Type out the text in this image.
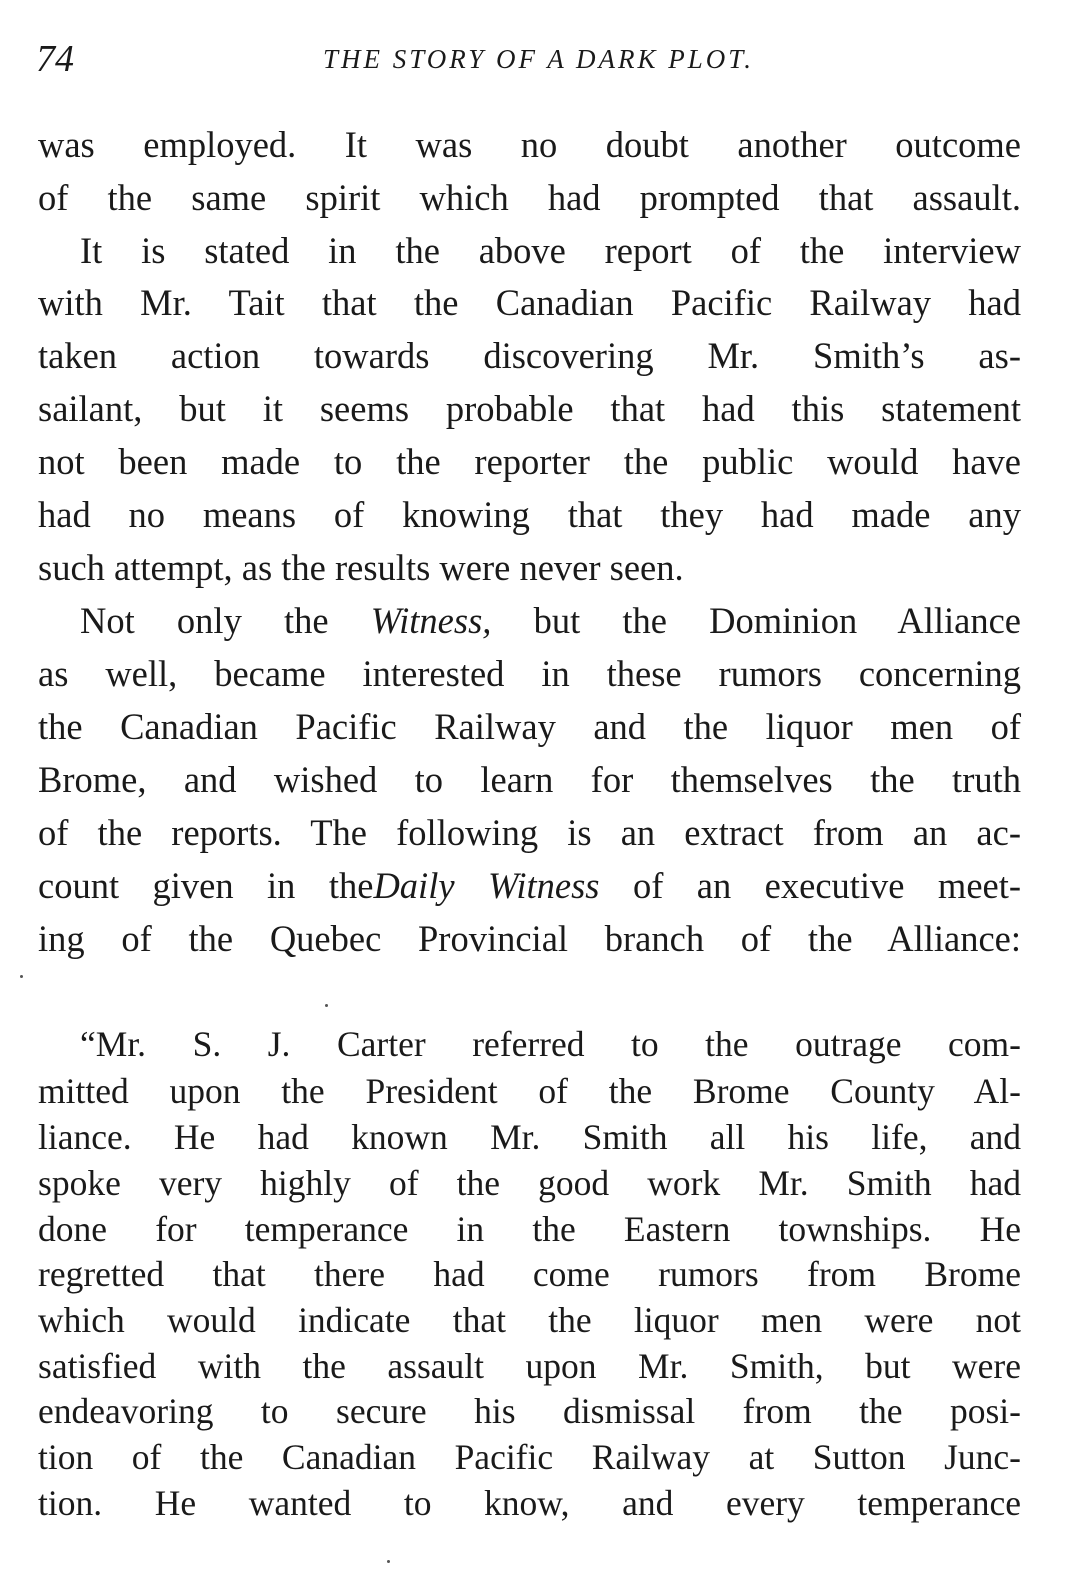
74	THE STORY OF A DARK PLOT.
was employed. It was no doubt another outcome
of the same spirit which had prompted that assault.
It is stated in the above report of the interview
with Mr. Tait that the Canadian Pacific Railway had
taken action towards discovering Mr. Smith’s as-
sailant, but it seems probable that had this statement
not been made to the reporter the public would have
had no means of knowing that they had made any
such attempt, as the results were never seen.
Not only the Witness, but the Dominion Alliance
as well, became interested in these rumors concerning
the Canadian Pacific Railway and the liquor men of
Brome, and wished to learn for themselves the truth
of the reports. The following is an extract from an ac-
count given in theDaily Witness of an executive meet-
ing of the Quebec Provincial branch of the Alliance:
“Mr. S. J. Carter referred to the outrage com-
mitted upon the President of the Brome County Al-
liance. He had known Mr. Smith all his life, and
spoke very highly of the good work Mr. Smith had
done for temperance in the Eastern townships. He
regretted that there had come rumors from Brome
which would indicate that the liquor men were not
satisfied with the assault upon Mr. Smith, but were
endeavoring to secure his dismissal from the posi-
tion of the Canadian Pacific Railway at Sutton Junc-
tion. He wanted to know, and every temperance
